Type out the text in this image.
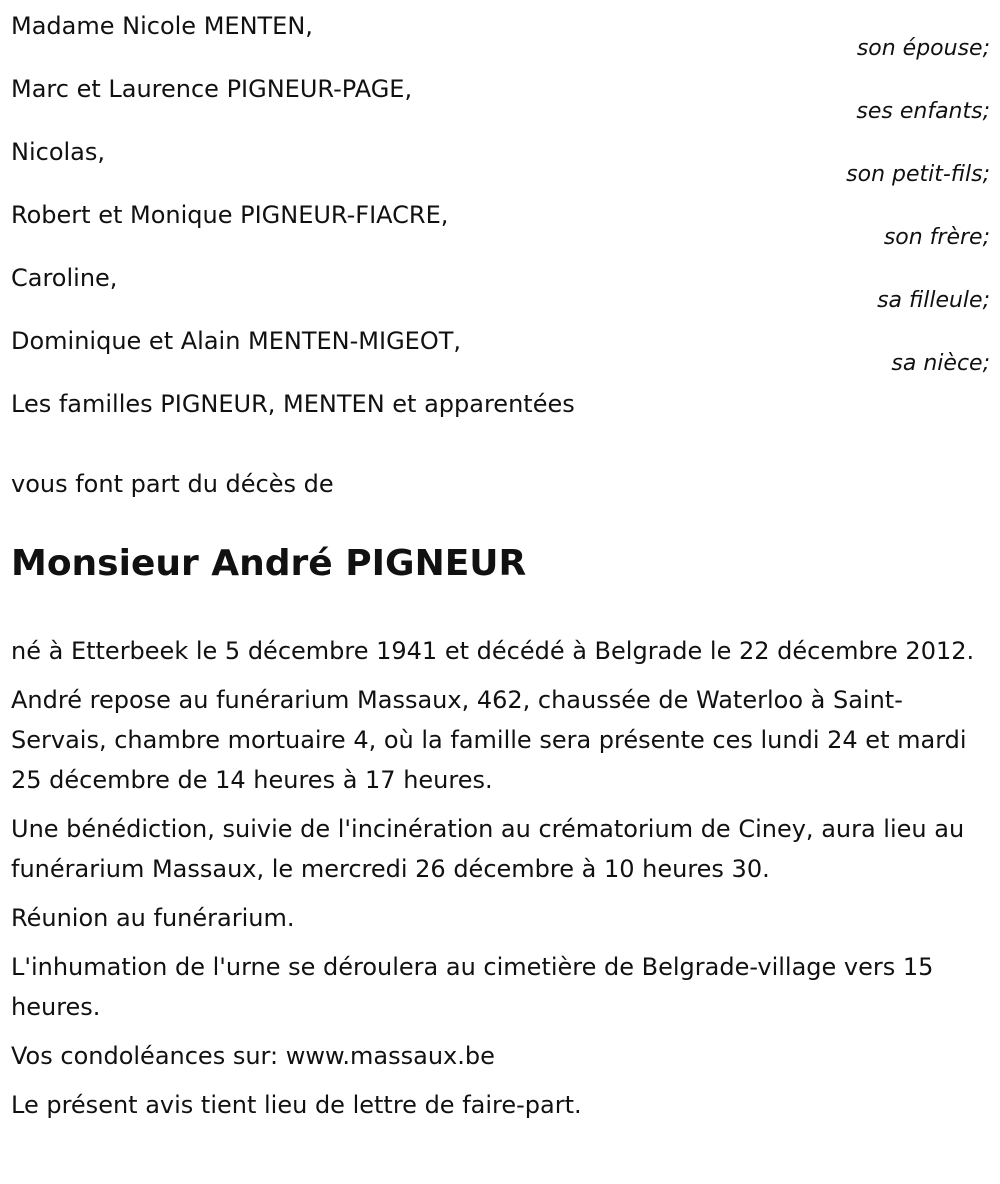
Madame Nicole MENTEN,
son épouse;
Marc et Laurence PIGNEUR-PAGE,
ses enfants;
Nicolas,
son petit-fils;
Robert et Monique PIGNEUR-FIACRE,
son frère;
Caroline,
sa filleule;
Dominique et Alain MENTEN-MIGEOT,
sa nièce;
Les familles PIGNEUR, MENTEN et apparentées
vous font part du décès de
Monsieur André PIGNEUR

né à Etterbeek le 5 décembre 1941 et décédé à Belgrade le 22 décembre 2012.

André repose au funérarium Massaux, 462, chaussée de Waterloo à Saint-Servais, chambre mortuaire 4, où la famille sera présente ces lundi 24 et mardi 25 décembre de 14 heures à 17 heures.

Une bénédiction, suivie de l'incinération au crématorium de Ciney, aura lieu au funérarium Massaux, le mercredi 26 décembre à 10 heures 30.

Réunion au funérarium.

L'inhumation de l'urne se déroulera au cimetière de Belgrade-village vers 15 heures.

Vos condoléances sur: www.massaux.be

Le présent avis tient lieu de lettre de faire-part.
